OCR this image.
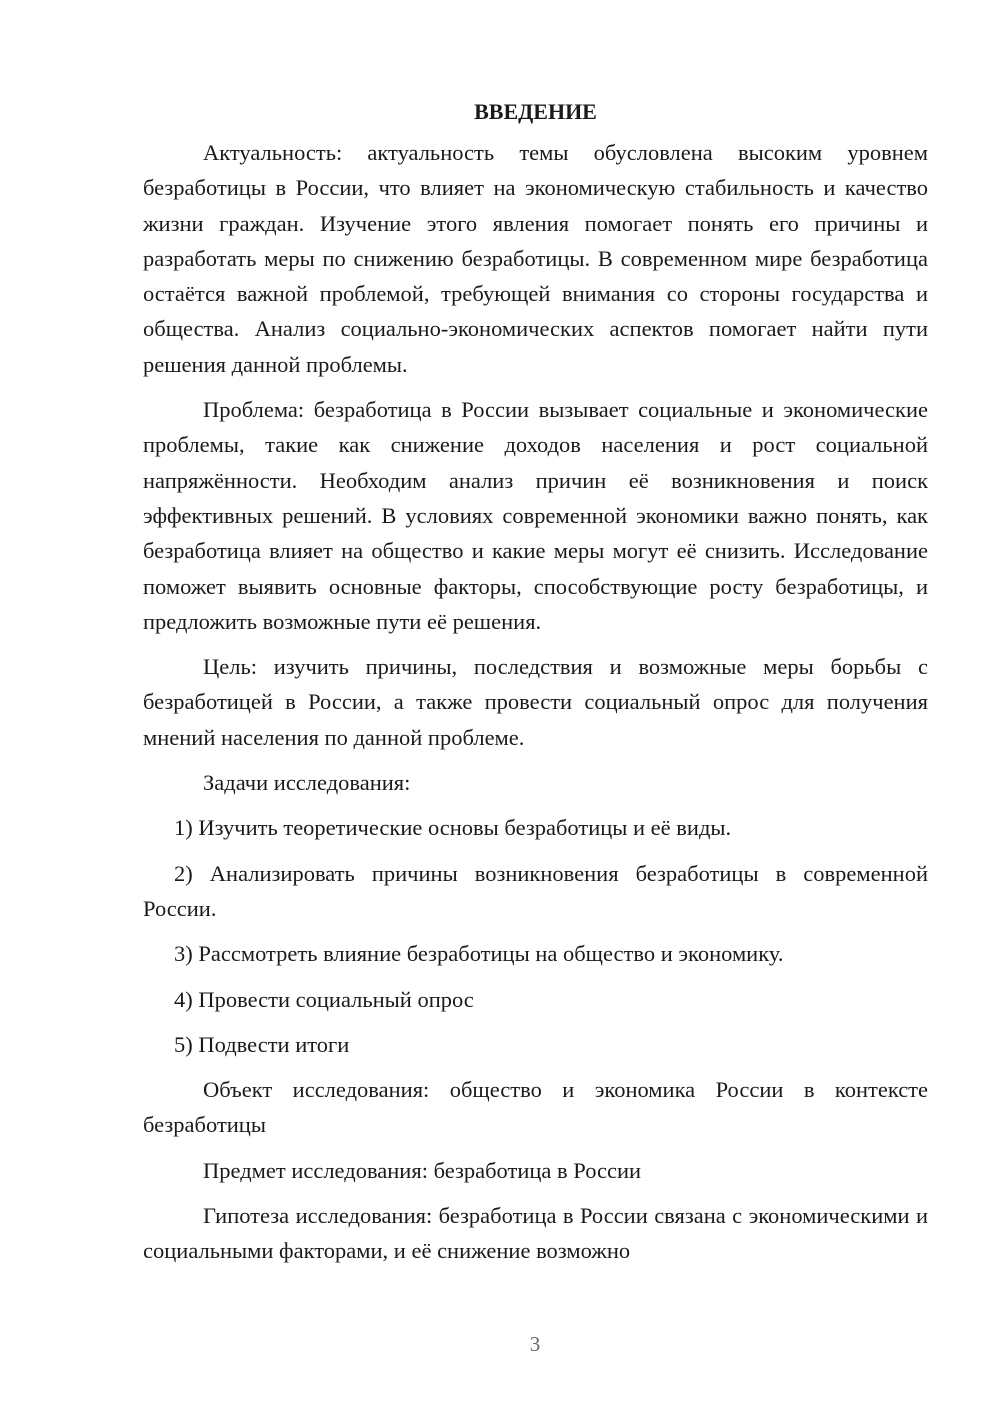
ВВЕДЕНИЕ

Актуальность: актуальность темы обусловлена высоким уровнем безработицы в России, что влияет на экономическую стабильность и качество жизни граждан. Изучение этого явления помогает понять его причины и разработать меры по снижению безработицы. В современном мире безработица остаётся важной проблемой, требующей внимания со стороны государства и общества. Анализ социально-экономических аспектов помогает найти пути решения данной проблемы.

Проблема: безработица в России вызывает социальные и экономические проблемы, такие как снижение доходов населения и рост социальной напряжённости. Необходим анализ причин её возникновения и поиск эффективных решений. В условиях современной экономики важно понять, как безработица влияет на общество и какие меры могут её снизить. Исследование поможет выявить основные факторы, способствующие росту безработицы, и предложить возможные пути её решения.

Цель: изучить причины, последствия и возможные меры борьбы с безработицей в России, а также провести социальный опрос для получения мнений населения по данной проблеме.

Задачи исследования:

1) Изучить теоретические основы безработицы и её виды.

2) Анализировать причины возникновения безработицы в современной России.

3) Рассмотреть влияние безработицы на общество и экономику.

4) Провести социальный опрос

5) Подвести итоги

Объект исследования: общество и экономика России в контексте безработицы

Предмет исследования: безработица в России

Гипотеза исследования: безработица в России связана с экономическими и социальными факторами, и её снижение возможно

3
